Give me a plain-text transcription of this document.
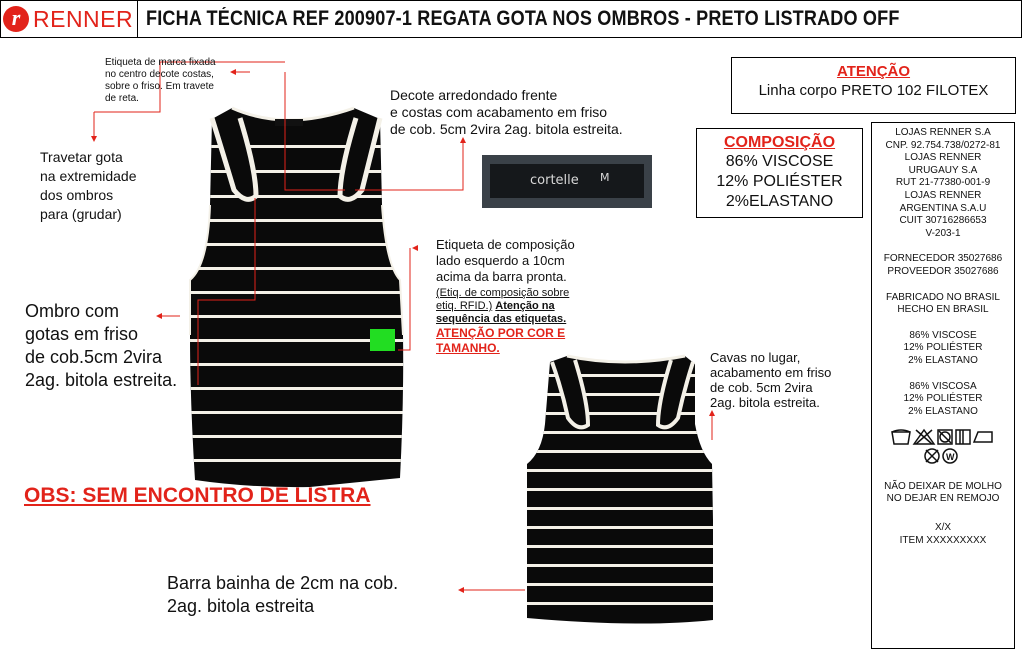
r RENNER FICHA TÉCNICA REF 200907-1 REGATA GOTA NOS OMBROS - PRETO LISTRADO OFF
cortelle M
Etiqueta de marca fixada
no centro decote costas,
sobre o friso. Em travete
de reta.
Travetar gota
na extremidade
dos ombros
para (grudar)
Ombro com
gotas em friso
de cob.5cm 2vira
2ag. bitola estreita.
Decote arredondado frente
e costas com acabamento em friso
de cob. 5cm 2vira 2ag. bitola estreita.
Etiqueta de composição
lado esquerdo a 10cm
acima da barra pronta.
(Etiq. de composição sobre
etiq. RFID.) Atenção na
sequência das etiquetas.
ATENÇÃO POR COR E
TAMANHO.
Cavas no lugar,
acabamento em friso
de cob. 5cm 2vira
2ag. bitola estreita.
OBS: SEM ENCONTRO DE LISTRA
Barra bainha de 2cm na cob.
2ag. bitola estreita
ATENÇÃO
Linha corpo PRETO 102 FILOTEX
COMPOSIÇÃO
86% VISCOSE
12% POLIÉSTER
2%ELASTANO
LOJAS RENNER S.A
CNP. 92.754.738/0272-81
LOJAS RENNER
URUGAUY S.A
RUT 21-77380-001-9
LOJAS RENNER
ARGENTINA S.A.U
CUIT 30716286653
V-203-1
FORNECEDOR 35027686
PROVEEDOR 35027686
FABRICADO NO BRASIL
HECHO EN BRASIL
86% VISCOSE
12% POLIÉSTER
2% ELASTANO
86% VISCOSA
12% POLIÉSTER
2% ELASTANO
W
NÃO DEIXAR DE MOLHO
NO DEJAR EN REMOJO
X/X
ITEM XXXXXXXXX
